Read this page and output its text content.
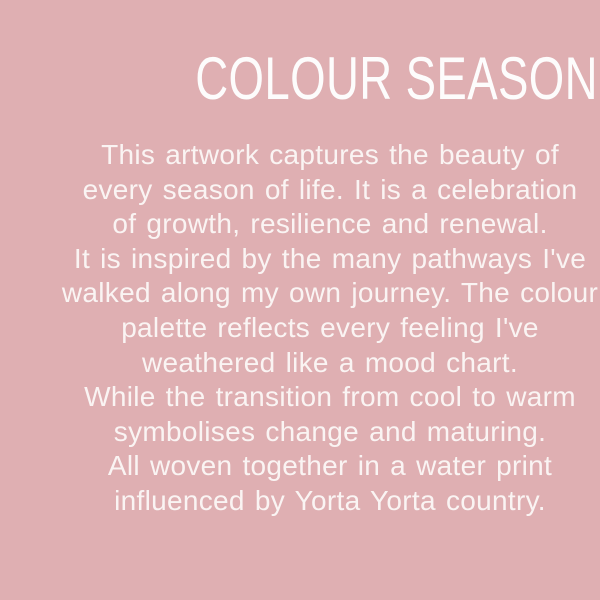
COLOUR SEASON
This artwork captures the beauty of
every season of life. It is a celebration
of growth, resilience and renewal.
It is inspired by the many pathways I've
walked along my own journey. The colour
palette reflects every feeling I've
weathered like a mood chart.
While the transition from cool to warm
symbolises change and maturing.
All woven together in a water print
influenced by Yorta Yorta country.
